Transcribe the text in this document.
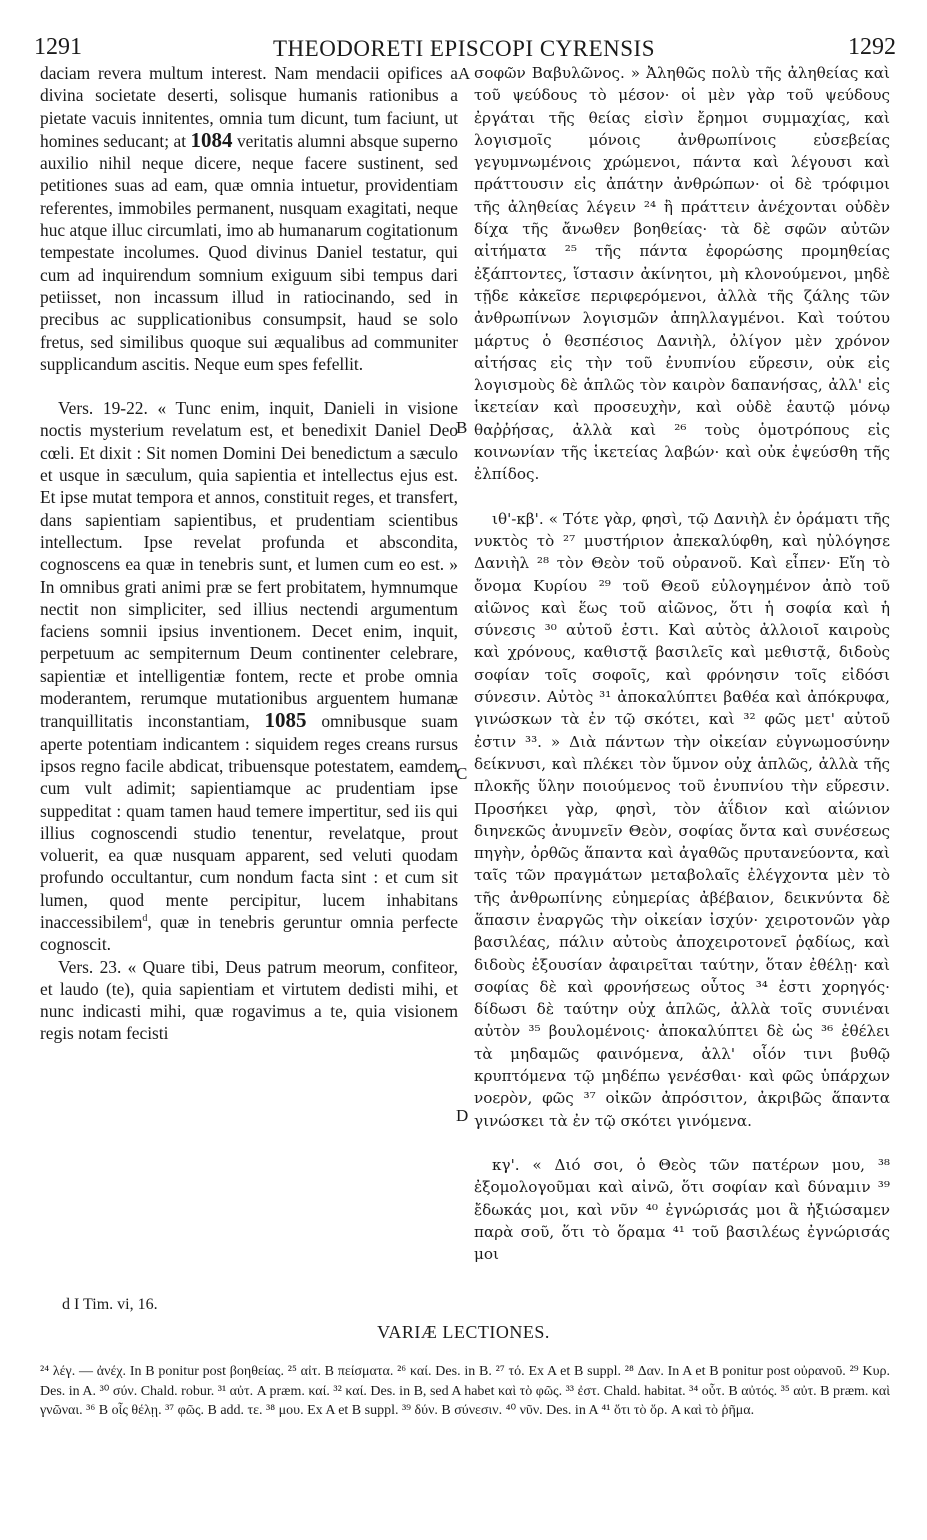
1291	THEODORETI EPISCOPI CYRENSIS	1292

daciam revera multum interest. Nam mendacii opifices a divina societate deserti, solisque humanis rationibus a pietate vacuis innitentes, omnia tum dicunt, tum faciunt, ut homines seducant; at 1084 veritatis alumni absque superno auxilio nihil neque dicere, neque facere sustinent, sed petitiones suas ad eam, quæ omnia intuetur, providentiam referentes, immobiles permanent, nusquam exagitati, neque huc atque illuc circumlati, imo ab humanarum cogitationum tempestate incolumes. Quod divinus Daniel testatur, qui cum ad inquirendum somnium exiguum sibi tempus dari petiisset, non incassum illud in ratiocinando, sed in precibus ac supplicationibus consumpsit, haud se solo fretus, sed similibus quoque sui æqualibus ad communiter supplicandum ascitis. Neque eum spes fefellit.

Vers. 19-22. « Tunc enim, inquit, Danieli in visione noctis mysterium revelatum est, et benedixit Daniel Deo cœli. Et dixit : Sit nomen Domini Dei benedictum a sæculo et usque in sæculum, quia sapientia et intellectus ejus est. Et ipse mutat tempora et annos, constituit reges, et transfert, dans sapientiam sapientibus, et prudentiam scientibus intellectum. Ipse revelat profunda et abscondita, cognoscens ea quæ in tenebris sunt, et lumen cum eo est. » In omnibus grati animi præ se fert probitatem, hymnumque nectit non simpliciter, sed illius nectendi argumentum faciens somnii ipsius inventionem. Decet enim, inquit, perpetuum ac sempiternum Deum continenter celebrare, sapientiæ et intelligentiæ fontem, recte et probe omnia moderantem, rerumque mutationibus arguentem humanæ tranquillitatis inconstantiam, 1085 omnibusque suam aperte potentiam indicantem : siquidem reges creans rursus ipsos regno facile abdicat, tribuensque potestatem, eamdem cum vult adimit; sapientiamque ac prudentiam ipse suppeditat : quam tamen haud temere impertitur, sed iis qui illius cognoscendi studio tenentur, revelatque, prout voluerit, ea quæ nusquam apparent, sed veluti quodam profundo occultantur, cum nondum facta sint : et cum sit lumen, quod mente percipitur, lucem inhabitans inaccessibilem$^d$, quæ in tenebris geruntur omnia perfecte cognoscit.

Vers. 23. « Quare tibi, Deus patrum meorum, confiteor, et laudo (te), quia sapientiam et virtutem dedisti mihi, et nunc indicasti mihi, quæ rogavimus a te, quia visionem regis notam fecisti

A
B
C
D

σοφῶν Βαβυλῶνος. » Ἀληθῶς πολὺ τῆς ἀληθείας καὶ τοῦ ψεύδους τὸ μέσον· οἱ μὲν γὰρ τοῦ ψεύδους ἐργάται τῆς θείας εἰσὶν ἔρημοι συμμαχίας, καὶ λογισμοῖς μόνοις ἀνθρωπίνοις εὐσεβείας γεγυμνωμένοις χρώμενοι, πάντα καὶ λέγουσι καὶ πράττουσιν εἰς ἀπάτην ἀνθρώπων· οἱ δὲ τρόφιμοι τῆς ἀληθείας λέγειν ²⁴ ἢ πράττειν ἀνέχονται οὐδὲν δίχα τῆς ἄνωθεν βοηθείας· τὰ δὲ σφῶν αὐτῶν αἰτήματα ²⁵ τῆς πάντα ἐφορώσης προμηθείας ἐξάπτοντες, ἵστασιν ἀκίνητοι, μὴ κλονούμενοι, μηδὲ τῇδε κἀκεῖσε περιφερόμενοι, ἀλλὰ τῆς ζάλης τῶν ἀνθρωπίνων λογισμῶν ἀπηλλαγμένοι. Καὶ τούτου μάρτυς ὁ θεσπέσιος Δανιὴλ, ὀλίγον μὲν χρόνον αἰτήσας εἰς τὴν τοῦ ἐνυπνίου εὕρεσιν, οὐκ εἰς λογισμοὺς δὲ ἁπλῶς τὸν καιρὸν δαπανήσας, ἀλλ' εἰς ἱκετείαν καὶ προσευχὴν, καὶ οὐδὲ ἑαυτῷ μόνῳ θαῤῥήσας, ἀλλὰ καὶ ²⁶ τοὺς ὁμοτρόπους εἰς κοινωνίαν τῆς ἱκετείας λαβών· καὶ οὐκ ἐψεύσθη τῆς ἐλπίδος.

ιθ'-κβ'. « Τότε γὰρ, φησὶ, τῷ Δανιὴλ ἐν ὁράματι τῆς νυκτὸς τὸ ²⁷ μυστήριον ἀπεκαλύφθη, καὶ ηὐλόγησε Δανιὴλ ²⁸ τὸν Θεὸν τοῦ οὐρανοῦ. Καὶ εἶπεν· Εἴη τὸ ὄνομα Κυρίου ²⁹ τοῦ Θεοῦ εὐλογημένον ἀπὸ τοῦ αἰῶνος καὶ ἕως τοῦ αἰῶνος, ὅτι ἡ σοφία καὶ ἡ σύνεσις ³⁰ αὐτοῦ ἐστι. Καὶ αὐτὸς ἀλλοιοῖ καιροὺς καὶ χρόνους, καθιστᾷ βασιλεῖς καὶ μεθιστᾷ, διδοὺς σοφίαν τοῖς σοφοῖς, καὶ φρόνησιν τοῖς εἰδόσι σύνεσιν. Αὐτὸς ³¹ ἀποκαλύπτει βαθέα καὶ ἀπόκρυφα, γινώσκων τὰ ἐν τῷ σκότει, καὶ ³² φῶς μετ' αὐτοῦ ἐστιν ³³. » Διὰ πάντων τὴν οἰκείαν εὐγνωμοσύνην δείκνυσι, καὶ πλέκει τὸν ὕμνον οὐχ ἁπλῶς, ἀλλὰ τῆς πλοκῆς ὕλην ποιούμενος τοῦ ἐνυπνίου τὴν εὕρεσιν. Προσήκει γὰρ, φησὶ, τὸν ἀΐδιον καὶ αἰώνιον διηνεκῶς ἀνυμνεῖν Θεὸν, σοφίας ὄντα καὶ συνέσεως πηγὴν, ὀρθῶς ἅπαντα καὶ ἀγαθῶς πρυτανεύοντα, καὶ ταῖς τῶν πραγμάτων μεταβολαῖς ἐλέγχοντα μὲν τὸ τῆς ἀνθρωπίνης εὐημερίας ἀβέβαιον, δεικνύντα δὲ ἅπασιν ἐναργῶς τὴν οἰκείαν ἰσχύν· χειροτονῶν γὰρ βασιλέας, πάλιν αὐτοὺς ἀποχειροτονεῖ ῥᾳδίως, καὶ διδοὺς ἐξουσίαν ἀφαιρεῖται ταύτην, ὅταν ἐθέλῃ· καὶ σοφίας δὲ καὶ φρονήσεως οὗτος ³⁴ ἐστι χορηγός· δίδωσι δὲ ταύτην οὐχ ἁπλῶς, ἀλλὰ τοῖς συνιέναι αὐτὸν ³⁵ βουλομένοις· ἀποκαλύπτει δὲ ὡς ³⁶ ἐθέλει τὰ μηδαμῶς φαινόμενα, ἀλλ' οἷόν τινι βυθῷ κρυπτόμενα τῷ μηδέπω γενέσθαι· καὶ φῶς ὑπάρχων νοερὸν, φῶς ³⁷ οἰκῶν ἀπρόσιτον, ἀκριβῶς ἅπαντα γινώσκει τὰ ἐν τῷ σκότει γινόμενα.

κγ'. « Διό σοι, ὁ Θεὸς τῶν πατέρων μου, ³⁸ ἐξομολογοῦμαι καὶ αἰνῶ, ὅτι σοφίαν καὶ δύναμιν ³⁹ ἔδωκάς μοι, καὶ νῦν ⁴⁰ ἐγνώρισάς μοι ἃ ἠξιώσαμεν παρὰ σοῦ, ὅτι τὸ ὅραμα ⁴¹ τοῦ βασιλέως ἐγνώρισάς μοι

d I Tim. vi, 16.
VARIÆ LECTIONES.
²⁴ λέγ. — ἀνέχ. In B ponitur post βοηθείας. ²⁵ αἰτ. B πείσματα. ²⁶ καί. Des. in B. ²⁷ τό. Ex A et B suppl. ²⁸ Δαν. In A et B ponitur post οὐρανοῦ. ²⁹ Κυρ. Des. in A. ³⁰ σύν. Chald. robur. ³¹ αὐτ. A præm. καί. ³² καί. Des. in B, sed A habet καὶ τὸ φῶς. ³³ ἐστ. Chald. habitat. ³⁴ οὗτ. B αὐτός. ³⁵ αὐτ. B præm. καὶ γνῶναι. ³⁶ B οἷς θέλῃ. ³⁷ φῶς. B add. τε. ³⁸ μου. Ex A et B suppl. ³⁹ δύν. B σύνεσιν. ⁴⁰ νῦν. Des. in A ⁴¹ ὅτι τὸ ὅρ. A καὶ τὸ ῥῆμα.
